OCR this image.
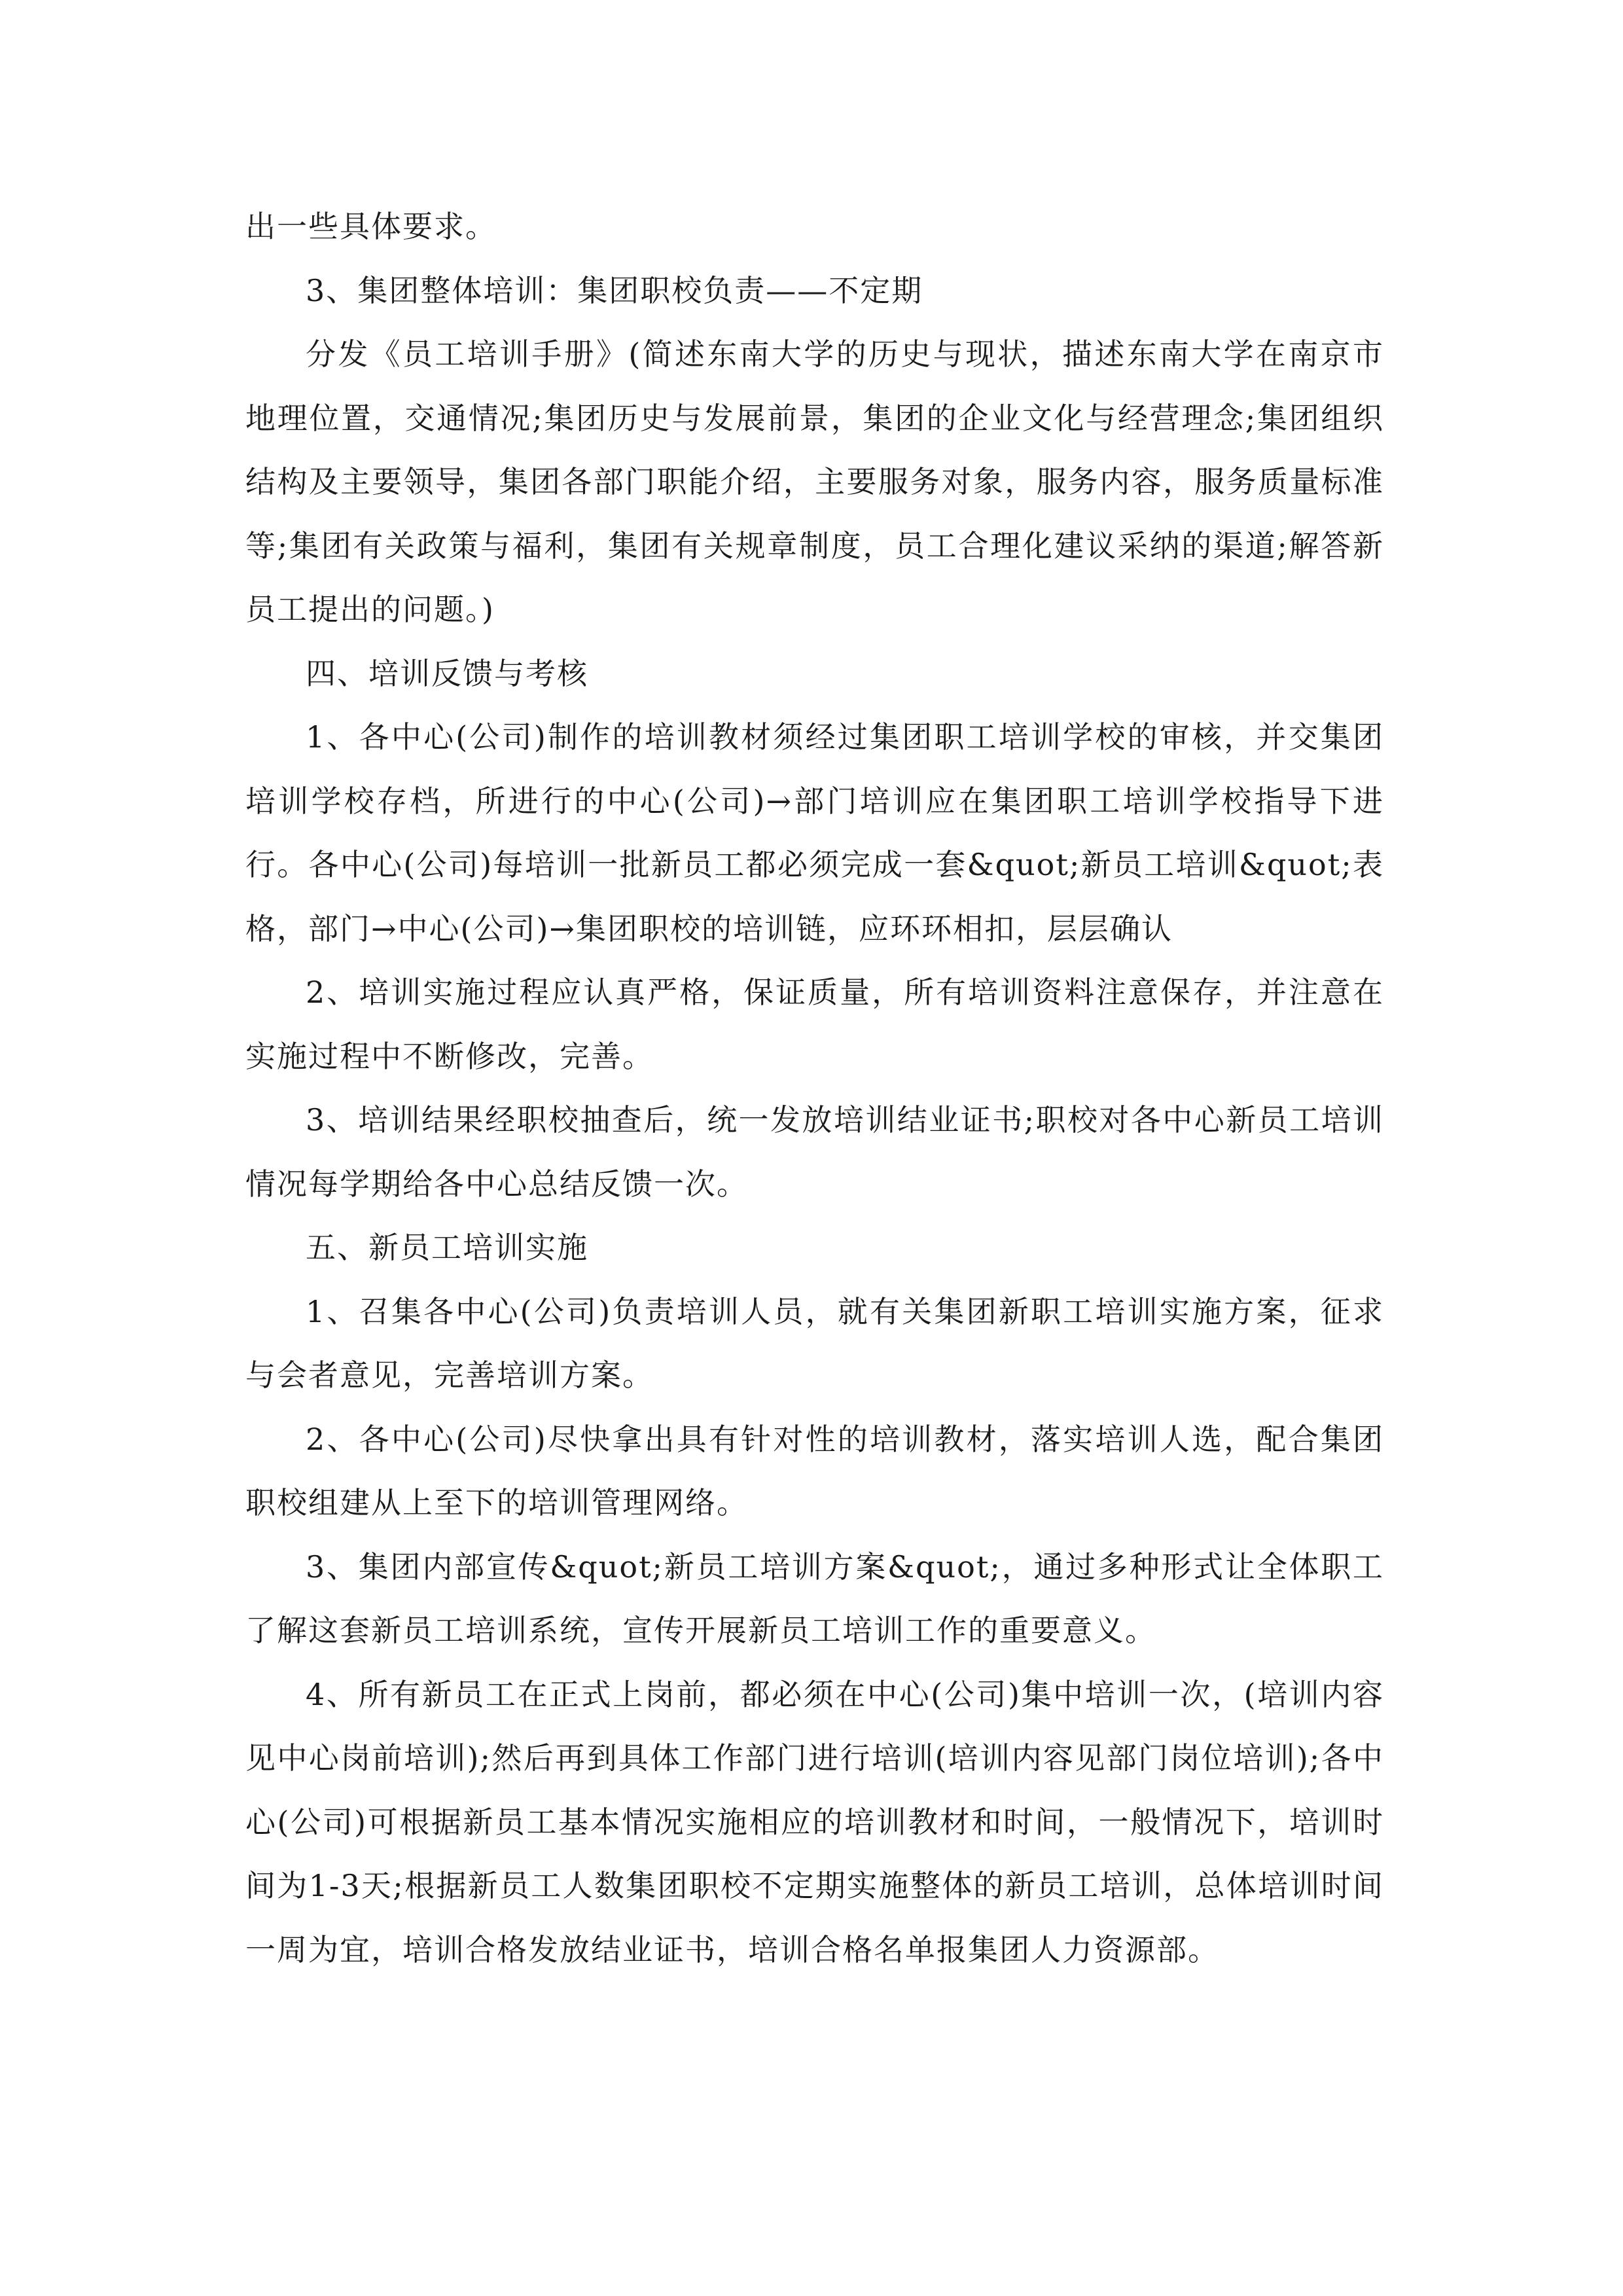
出一些具体要求。

3、集团整体培训：集团职校负责——不定期

分发《员工培训手册》(简述东南大学的历史与现状，描述东南大学在南京市地理位置，交通情况;集团历史与发展前景，集团的企业文化与经营理念;集团组织结构及主要领导，集团各部门职能介绍，主要服务对象，服务内容，服务质量标准等;集团有关政策与福利，集团有关规章制度，员工合理化建议采纳的渠道;解答新员工提出的问题。)

四、培训反馈与考核

1、各中心(公司)制作的培训教材须经过集团职工培训学校的审核，并交集团培训学校存档，所进行的中心(公司)→部门培训应在集团职工培训学校指导下进行。各中心(公司)每培训一批新员工都必须完成一套&quot;新员工培训&quot;表格，部门→中心(公司)→集团职校的培训链，应环环相扣，层层确认

2、培训实施过程应认真严格，保证质量，所有培训资料注意保存，并注意在实施过程中不断修改，完善。

3、培训结果经职校抽查后，统一发放培训结业证书;职校对各中心新员工培训情况每学期给各中心总结反馈一次。

五、新员工培训实施

1、召集各中心(公司)负责培训人员，就有关集团新职工培训实施方案，征求与会者意见，完善培训方案。

2、各中心(公司)尽快拿出具有针对性的培训教材，落实培训人选，配合集团职校组建从上至下的培训管理网络。

3、集团内部宣传&quot;新员工培训方案&quot;，通过多种形式让全体职工了解这套新员工培训系统，宣传开展新员工培训工作的重要意义。

4、所有新员工在正式上岗前，都必须在中心(公司)集中培训一次，(培训内容见中心岗前培训);然后再到具体工作部门进行培训(培训内容见部门岗位培训);各中心(公司)可根据新员工基本情况实施相应的培训教材和时间，一般情况下，培训时间为1-3天;根据新员工人数集团职校不定期实施整体的新员工培训，总体培训时间一周为宜，培训合格发放结业证书，培训合格名单报集团人力资源部。
